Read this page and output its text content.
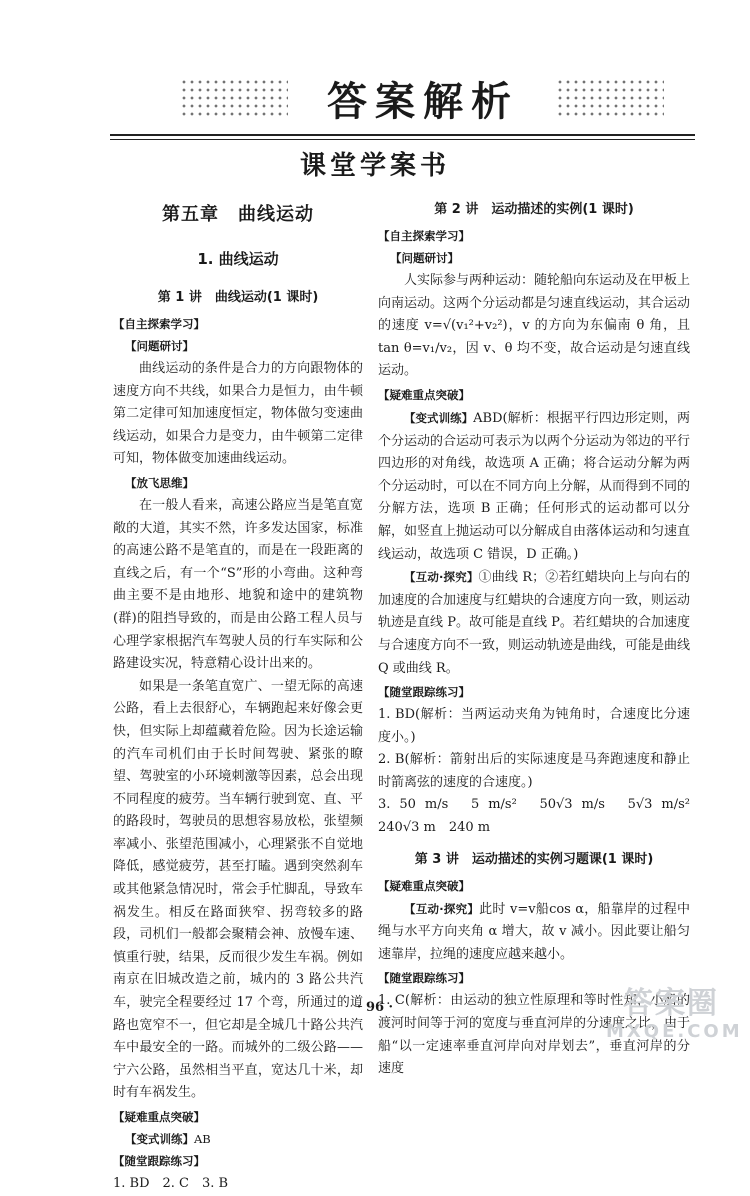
答案解析
课堂学案书
第五章　曲线运动
1. 曲线运动
第 1 讲　曲线运动(1 课时)
【自主探索学习】
【问题研讨】

曲线运动的条件是合力的方向跟物体的速度方向不共线，如果合力是恒力，由牛顿第二定律可知加速度恒定，物体做匀变速曲线运动，如果合力是变力，由牛顿第二定律可知，物体做变加速曲线运动。

【放飞思维】

在一般人看来，高速公路应当是笔直宽敞的大道，其实不然，许多发达国家，标准的高速公路不是笔直的，而是在一段距离的直线之后，有一个“S”形的小弯曲。这种弯曲主要不是由地形、地貌和途中的建筑物(群)的阻挡导致的，而是由公路工程人员与心理学家根据汽车驾驶人员的行车实际和公路建设实况，特意精心设计出来的。

如果是一条笔直宽广、一望无际的高速公路，看上去很舒心，车辆跑起来好像会更快，但实际上却蕴藏着危险。因为长途运输的汽车司机们由于长时间驾驶、紧张的瞭望、驾驶室的小环境刺激等因素，总会出现不同程度的疲劳。当车辆行驶到宽、直、平的路段时，驾驶员的思想容易放松，张望频率减小、张望范围减小，心理紧张不自觉地降低，感觉疲劳，甚至打瞌。遇到突然刹车或其他紧急情况时，常会手忙脚乱，导致车祸发生。相反在路面狭窄、拐弯较多的路段，司机们一般都会聚精会神、放慢车速、慎重行驶，结果，反而很少发生车祸。例如南京在旧城改造之前，城内的 3 路公共汽车，驶完全程要经过 17 个弯，所通过的道路也宽窄不一，但它却是全城几十路公共汽车中最安全的一路。而城外的二级公路——宁六公路，虽然相当平直，宽达几十米，却时有车祸发生。

【疑难重点突破】
【变式训练】AB
【随堂跟踪练习】

1. BD　2. C　3. B

第 2 讲　运动描述的实例(1 课时)
【自主探索学习】
【问题研讨】

人实际参与两种运动：随轮船向东运动及在甲板上向南运动。这两个分运动都是匀速直线运动，其合运动的速度 v=√(v₁²+v₂²)，v 的方向为东偏南 θ 角，且 tan θ=v₁/v₂，因 v、θ 均不变，故合运动是匀速直线运动。

【疑难重点突破】

【变式训练】ABD(解析：根据平行四边形定则，两个分运动的合运动可表示为以两个分运动为邻边的平行四边形的对角线，故选项 A 正确；将合运动分解为两个分运动时，可以在不同方向上分解，从而得到不同的分解方法，选项 B 正确；任何形式的运动都可以分解，如竖直上抛运动可以分解成自由落体运动和匀速直线运动，故选项 C 错误，D 正确。)

【互动·探究】①曲线 R；②若红蜡块向上与向右的加速度的合加速度与红蜡块的合速度方向一致，则运动轨迹是直线 P。故可能是直线 P。若红蜡块的合加速度与合速度方向不一致，则运动轨迹是曲线，可能是曲线 Q 或曲线 R。

【随堂跟踪练习】

1. BD(解析：当两运动夹角为钝角时，合速度比分速度小。)

2. B(解析：箭射出后的实际速度是马奔跑速度和静止时箭离弦的速度的合速度。)

3. 50 m/s　5 m/s²　50√3 m/s　5√3 m/s²　240√3 m　240 m

第 3 讲　运动描述的实例习题课(1 课时)
【疑难重点突破】

【互动·探究】此时 v=v船cos α，船靠岸的过程中绳与水平方向夹角 α 增大，故 v 减小。因此要让船匀速靠岸，拉绳的速度应越来越小。

【随堂跟踪练习】

1. C(解析：由运动的独立性原理和等时性知，小船的渡河时间等于河的宽度与垂直河岸的分速度之比，由于船“以一定速率垂直河岸向对岸划去”，垂直河岸的分速度

· 96 ·	答案圈
MXQE.COM
